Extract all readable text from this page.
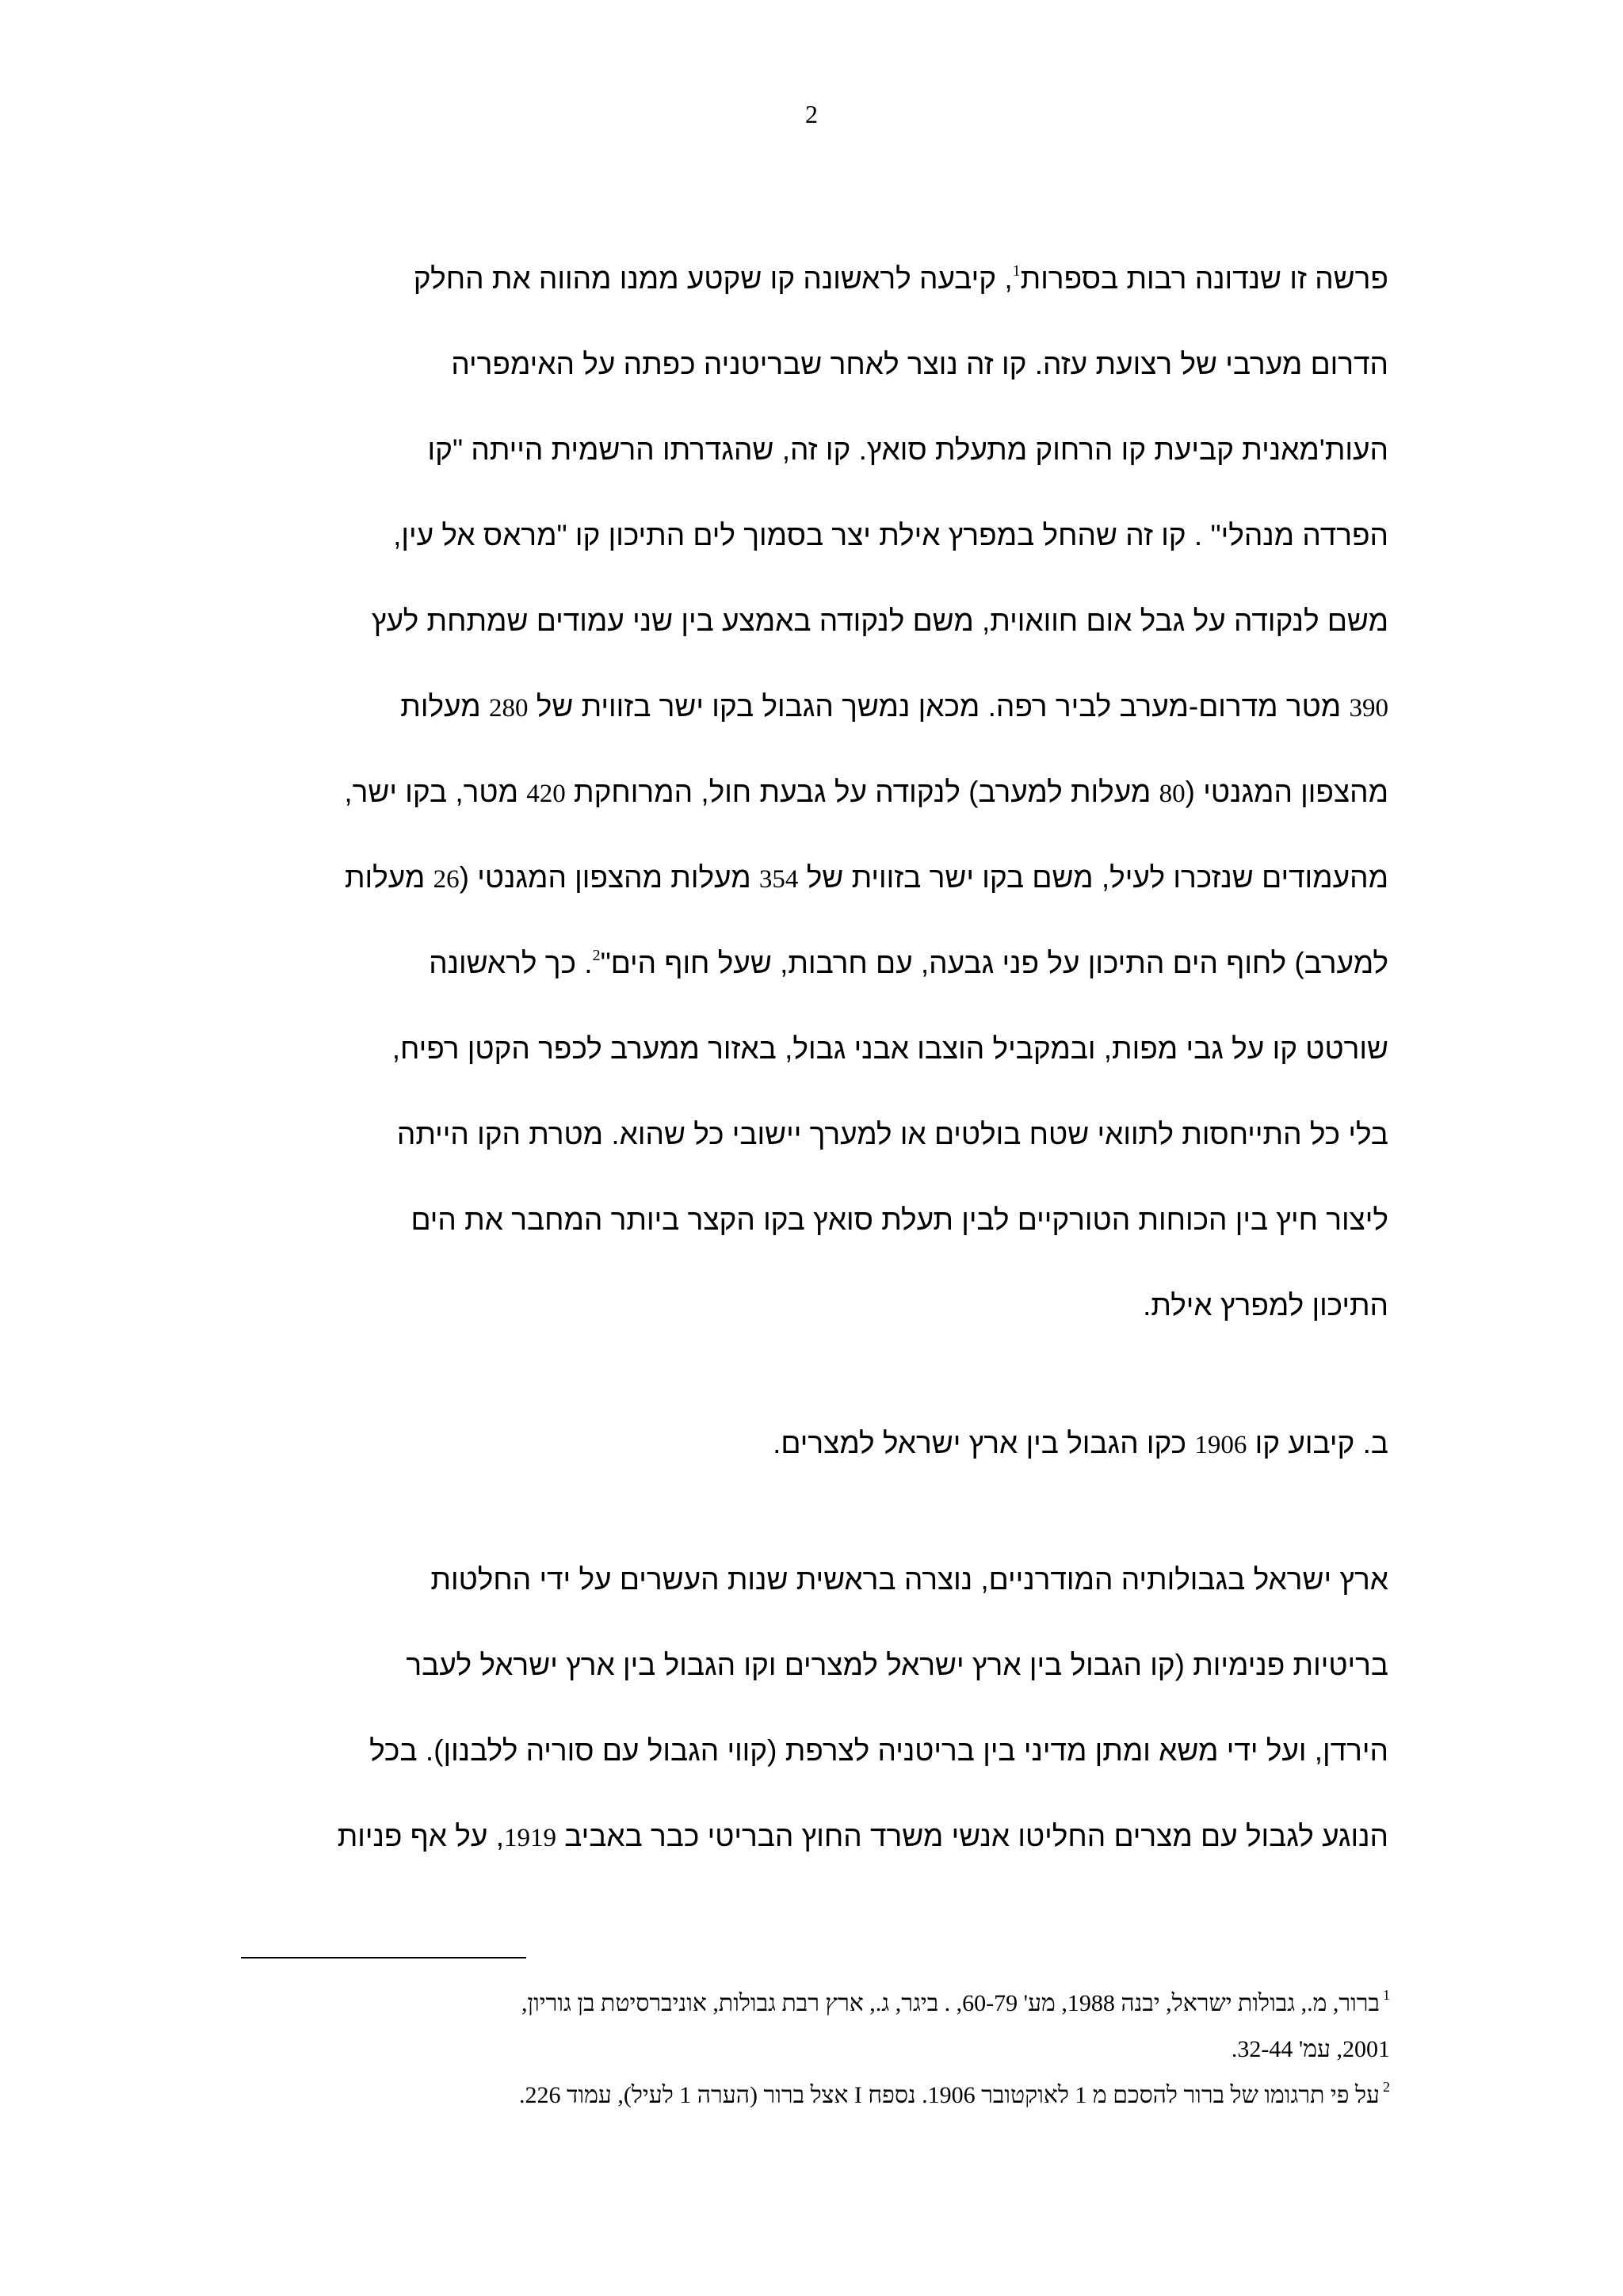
2
פרשה זו שנדונה רבות בספרות$^1$, קיבעה לראשונה קו שקטע ממנו מהווה את החלק
הדרום מערבי של רצועת עזה. קו זה נוצר לאחר שבריטניה כפתה על האימפריה
העות'מאנית קביעת קו הרחוק מתעלת סואץ. קו זה, שהגדרתו הרשמית הייתה "קו
הפרדה מנהלי" . קו זה שהחל במפרץ אילת יצר בסמוך לים התיכון קו "מראס אל עין,
משם לנקודה על גבל אום חוואוית, משם לנקודה באמצע בין שני עמודים שמתחת לעץ
390 מטר מדרום-מערב לביר רפה. מכאן נמשך הגבול בקו ישר בזווית של 280 מעלות
מהצפון המגנטי (80 מעלות למערב) לנקודה על גבעת חול, המרוחקת 420 מטר, בקו ישר,
מהעמודים שנזכרו לעיל, משם בקו ישר בזווית של 354 מעלות מהצפון המגנטי (26 מעלות
למערב) לחוף הים התיכון על פני גבעה, עם חרבות, שעל חוף הים"$^2$. כך לראשונה
שורטט קו על גבי מפות, ובמקביל הוצבו אבני גבול, באזור ממערב לכפר הקטן רפיח,
בלי כל התייחסות לתוואי שטח בולטים או למערך יישובי כל שהוא. מטרת הקו הייתה
ליצור חיץ בין הכוחות הטורקיים לבין תעלת סואץ בקו הקצר ביותר המחבר את הים
התיכון למפרץ אילת.
ב. קיבוע קו 1906 כקו הגבול בין ארץ ישראל למצרים.
ארץ ישראל בגבולותיה המודרניים, נוצרה בראשית שנות העשרים על ידי החלטות
בריטיות פנימיות (קו הגבול בין ארץ ישראל למצרים וקו הגבול בין ארץ ישראל לעבר
הירדן, ועל ידי משא ומתן מדיני בין בריטניה לצרפת (קווי הגבול עם סוריה ללבנון). בכל
הנוגע לגבול עם מצרים החליטו אנשי משרד החוץ הבריטי כבר באביב 1919, על אף פניות
$^1$ברור, מ., גבולות ישראל, יבנה 1988, מע' 60-79, . ביגר, ג., ארץ רבת גבולות, אוניברסיטת בן גוריון,
2001, עמ' 32-44.
$^2$על פי תרגומו של ברור להסכם מ 1 לאוקטובר 1906. נספח I אצל ברור (הערה 1 לעיל), עמוד 226.
